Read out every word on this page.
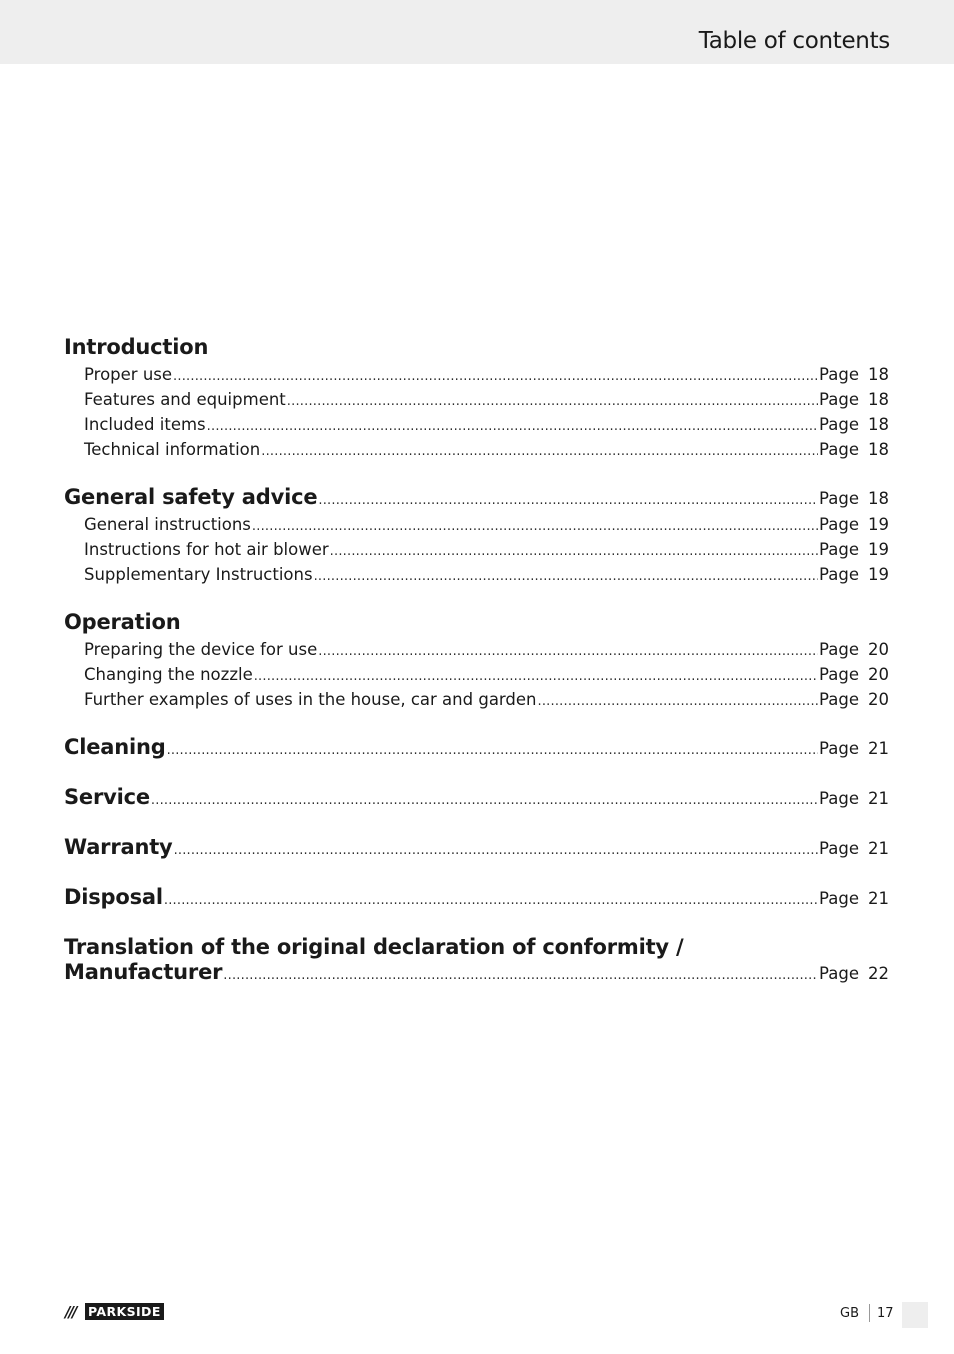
Table of contents
Introduction
Proper use .....	Page 18
Features and equipment .....	Page 18
Included items .....	Page 18
Technical information .....	Page 18
General safety advice .....	Page 18
General instructions .....	Page 19
Instructions for hot air blower .....	Page 19
Supplementary Instructions .....	Page 19
Operation
Preparing the device for use .....	Page 20
Changing the nozzle .....	Page 20
Further examples of uses in the house, car and garden .....	Page 20
Cleaning .....	Page 21
Service .....	Page 21
Warranty .....	Page 21
Disposal .....	Page 21
Translation of the original declaration of conformity /
Manufacturer .....	Page 22
///	PARKSIDE	GB 17
